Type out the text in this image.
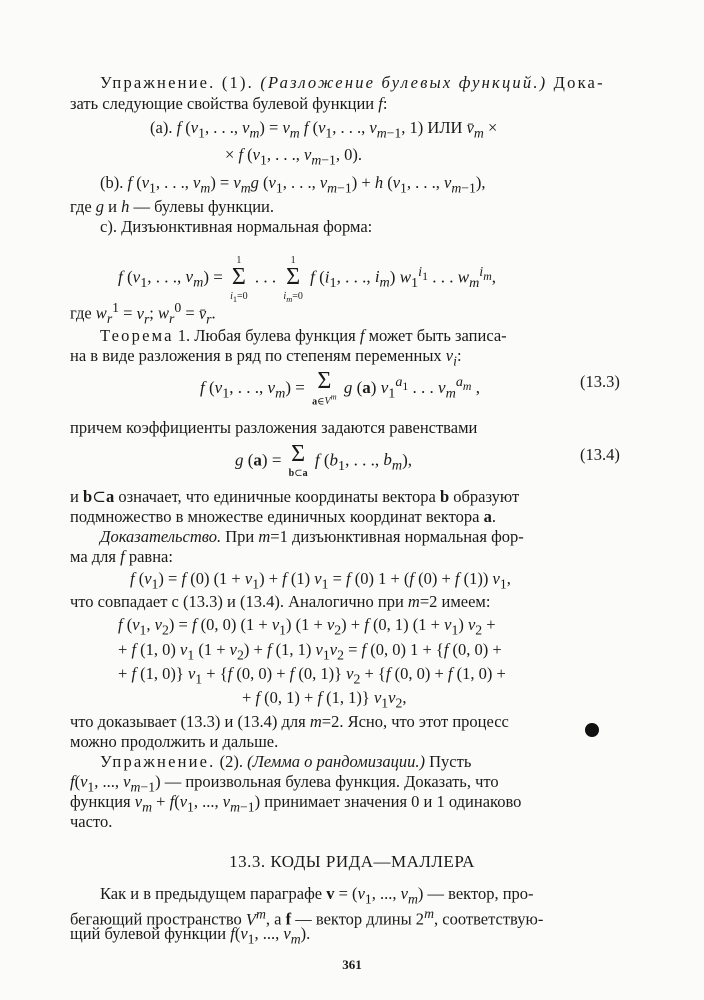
Упражнение. (1). (Разложение булевых функций.) Дока-
зать следующие свойства булевой функции f:
(a). f ($v_1$, . . ., $v_m) = v_m$ f ($v_1$, . . ., $v_{m-1}$, 1) ИЛИ $v̄_m$ ×
× f ($v_1$, . . ., $v_{m-1}$, 0).
(b). f ($v_1$, . . ., $v_m) = v_mg$ ($v_1$, . . ., $v_{m-1}) + h$ ($v_1$, . . ., $v_{m-1}$),
где g и h — булевы функции.
c). Дизъюнктивная нормальная форма:
f ($v_1$, . . ., $v_m) = 1$
Σ
$i_1=0$ . . . 1
Σ
$i_m=0$ f ($i_1$, . . ., $i_m$) $w_1^{i_1}$ . . . $w_m^{i_m}$,
где $w_r^1 = v_r$; $w_r^0$ = $v̄_r$.
Теорема 1. Любая булева функция f может быть записа-
на в виде разложения в ряд по степеням переменных $v_i$:
f ($v_1$, . . ., $v_m) = \Sigma$
$a\in V^m$ g (a) $v_1^{a_1}$ . . . $v_m^{a_m}$ ,	(13.3)
причем коэффициенты разложения задаются равенствами
g (a) = Σ
b⊂a f ($b_1$, . . ., $b_m$),	(13.4)
и b⊂a означает, что единичные координаты вектора b образуют
подмножество в множестве единичных координат вектора a.
Доказательство. При m=1 дизъюнктивная нормальная фор-
ма для f равна:
f $(v_1) = f$ (0) $(1 + v_1) + f$ (1) $v_1 = f$ (0) 1 + (f (0) + f (1)) $v_1$,
что совпадает с (13.3) и (13.4). Аналогично при m=2 имеем:
f ($v_1$, $v_2) = f$ (0, 0) $(1 + v_1)$ $(1 + v_2) + f$ (0, 1) $(1 + v_1)$ $v_2$ +
+ f (1, 0) $v_1$ $(1 + v_2) + f$ (1, 1) $v_1v_2 = f$ (0, 0) 1 + {f (0, 0) +
+ f (1, 0)} $v_1 + \{f$ (0, 0) + f (0, 1)} $v_2 + \{f$ (0, 0) + f (1, 0) +
+ f (0, 1) + f (1, 1)} $v_1v_2$,
что доказывает (13.3) и (13.4) для m=2. Ясно, что этот процесс
можно продолжить и дальше.
Упражнение. (2). (Лемма о рандомизации.) Пусть
$f(v_1$, ..., $v_{m-1}$) — произвольная булева функция. Доказать, что
функция $v_m + f(v_1$, ..., $v_{m-1}$) принимает значения 0 и 1 одинаково
часто.
13.3. КОДЫ РИДА—МАЛЛЕРА
Как и в предыдущем параграфе $v = (v_1$, ..., $v_m$) — вектор, про-
бегающий пространство $V^m$, а f — вектор длины 2$^m$, соответствую-
щий булевой функции $f(v_1$, ..., $v_m$).
361
